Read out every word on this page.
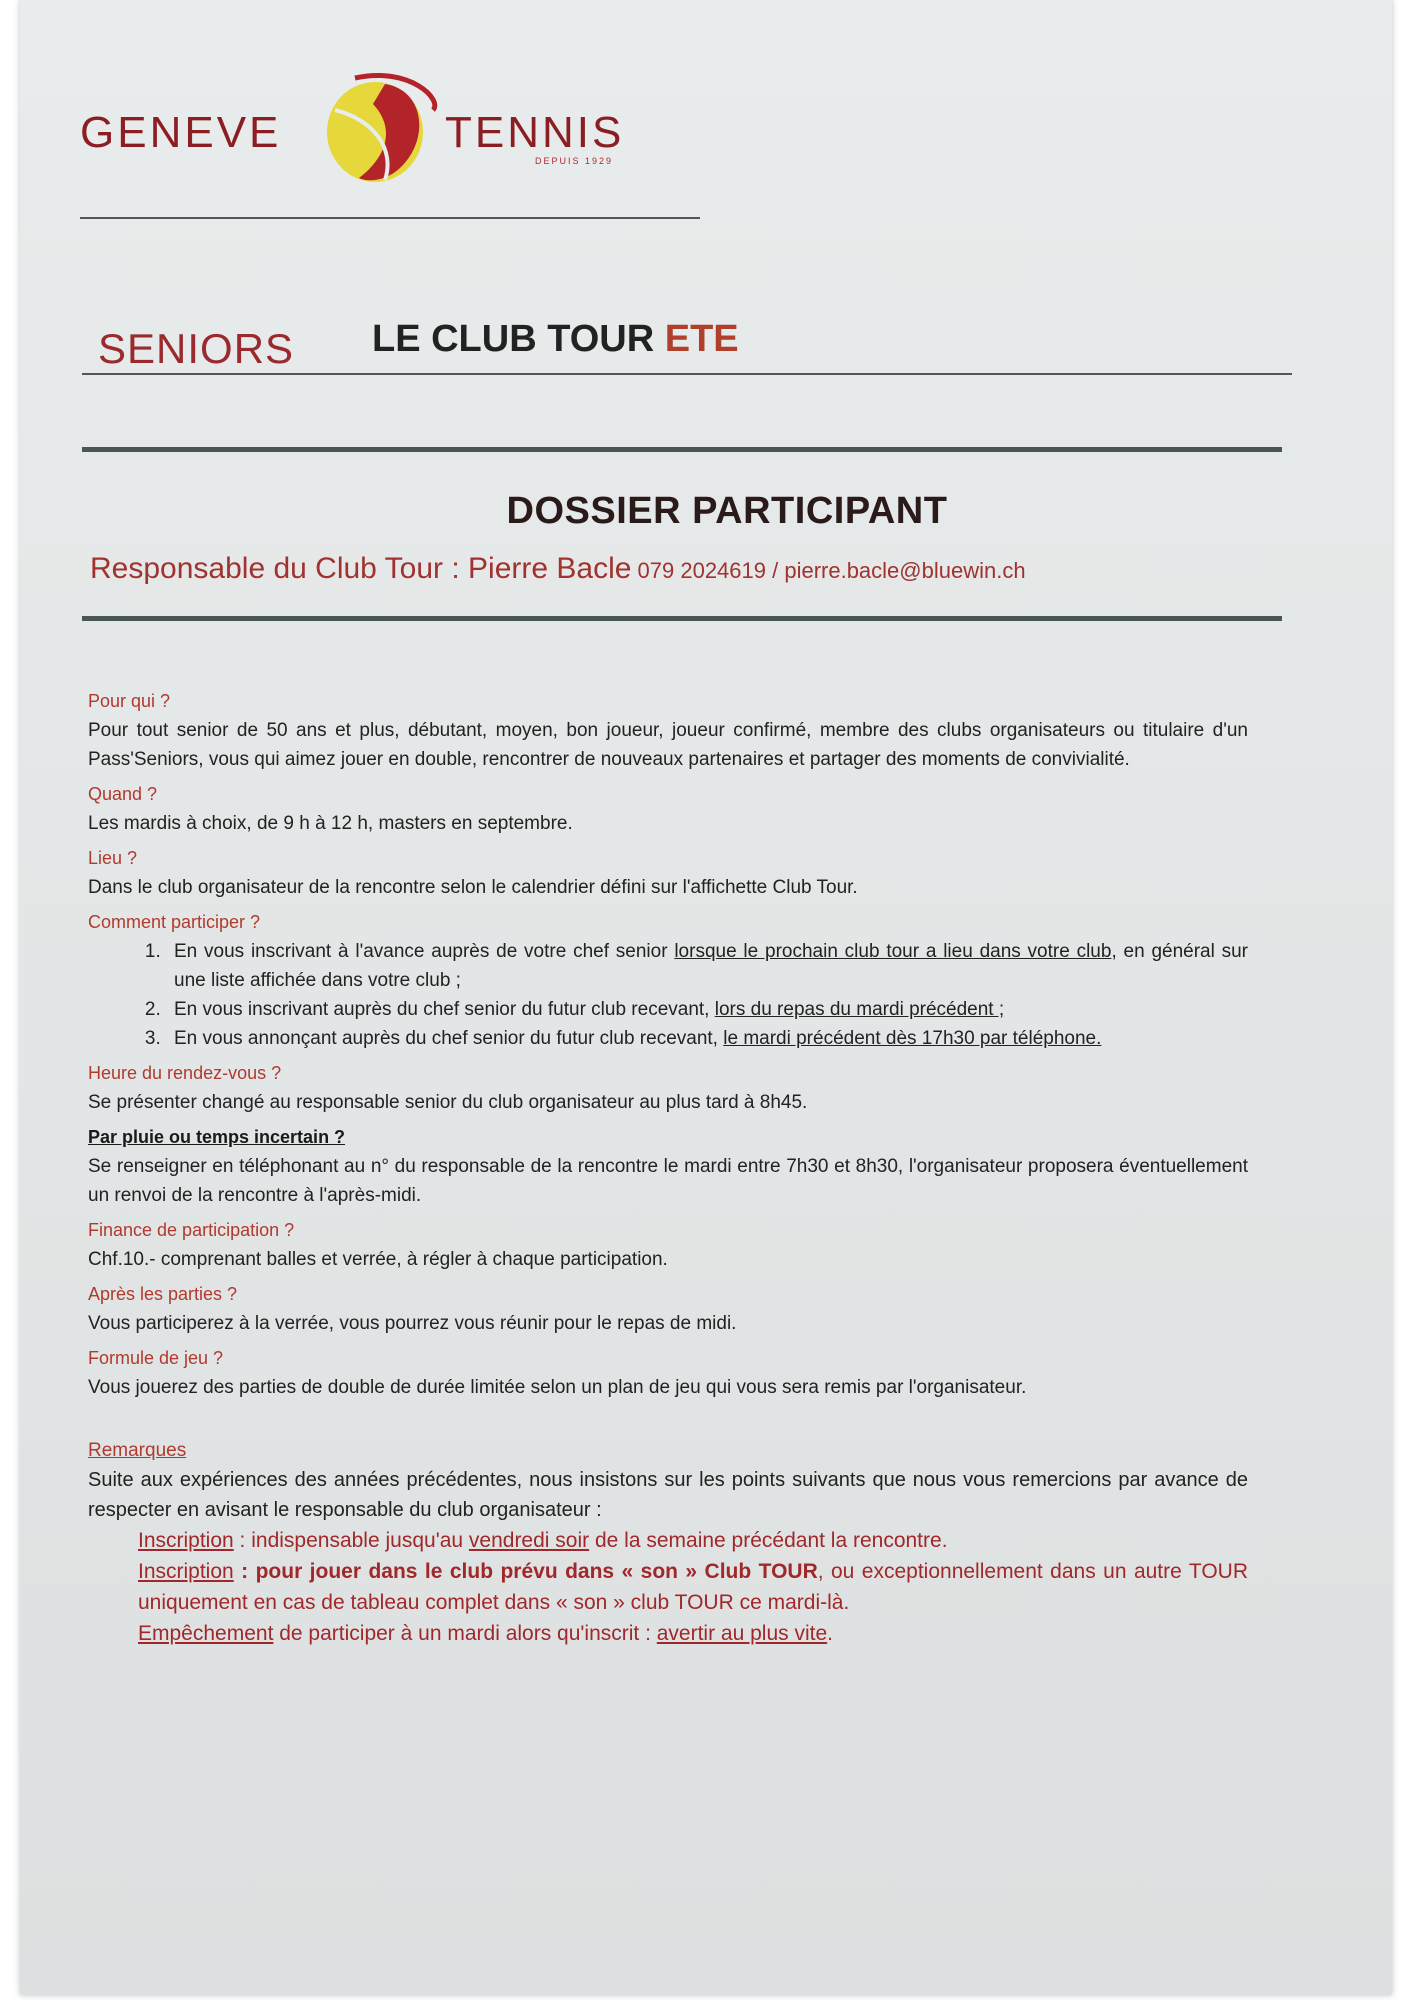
GENEVE	TENNIS
DEPUIS 1929
SENIORS LE CLUB TOUR ETE
DOSSIER PARTICIPANT
Responsable du Club Tour : Pierre Bacle 079 2024619 / pierre.bacle@bluewin.ch
Pour qui ?
Pour tout senior de 50 ans et plus, débutant, moyen, bon joueur, joueur confirmé, membre des clubs organisateurs ou titulaire d'un Pass'Seniors, vous qui aimez jouer en double, rencontrer de nouveaux partenaires et partager des moments de convivialité.
Quand ?
Les mardis à choix, de 9 h à 12 h, masters en septembre.
Lieu ?
Dans le club organisateur de la rencontre selon le calendrier défini sur l'affichette Club Tour.
Comment participer ?
1. En vous inscrivant à l'avance auprès de votre chef senior lorsque le prochain club tour a lieu dans votre club, en général sur une liste affichée dans votre club ;
2. En vous inscrivant auprès du chef senior du futur club recevant, lors du repas du mardi précédent ;
3. En vous annonçant auprès du chef senior du futur club recevant, le mardi précédent dès 17h30 par téléphone.
Heure du rendez-vous ?
Se présenter changé au responsable senior du club organisateur au plus tard à 8h45.
Par pluie ou temps incertain ?
Se renseigner en téléphonant au n° du responsable de la rencontre le mardi entre 7h30 et 8h30, l'organisateur proposera éventuellement un renvoi de la rencontre à l'après-midi.
Finance de participation ?
Chf.10.- comprenant balles et verrée, à régler à chaque participation.
Après les parties ?
Vous participerez à la verrée, vous pourrez vous réunir pour le repas de midi.
Formule de jeu ?
Vous jouerez des parties de double de durée limitée selon un plan de jeu qui vous sera remis par l'organisateur.
Remarques
Suite aux expériences des années précédentes, nous insistons sur les points suivants que nous vous remercions par avance de respecter en avisant le responsable du club organisateur :
Inscription : indispensable jusqu'au vendredi soir de la semaine précédant la rencontre.
Inscription : pour jouer dans le club prévu dans « son » Club TOUR, ou exceptionnellement dans un autre TOUR uniquement en cas de tableau complet dans « son » club TOUR ce mardi-là.
Empêchement de participer à un mardi alors qu'inscrit : avertir au plus vite.
